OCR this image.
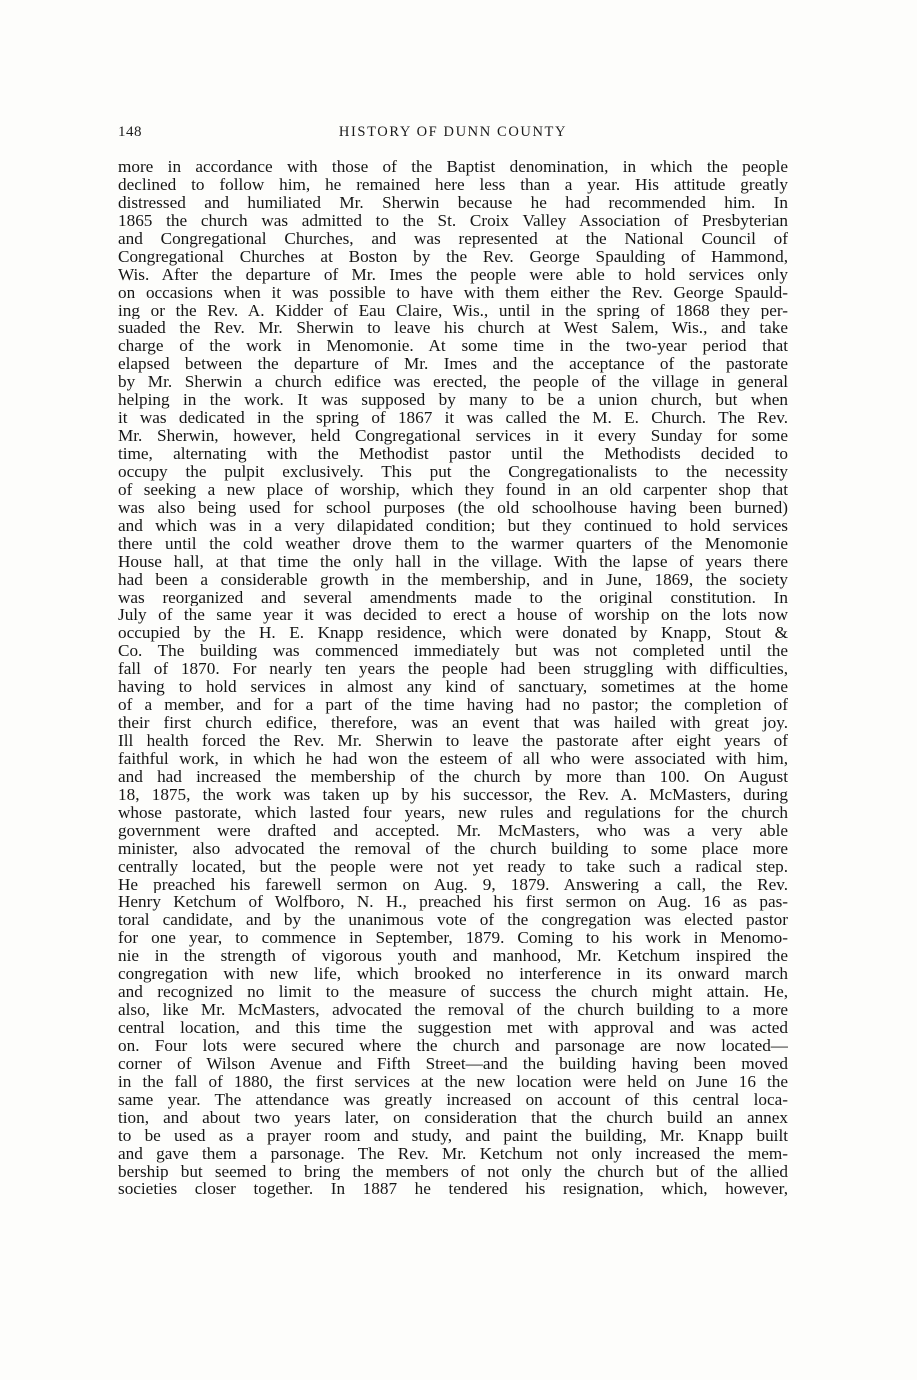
148	HISTORY OF DUNN COUNTY
more in accordance with those of the Baptist denomination, in which the people
declined to follow him, he remained here less than a year. His attitude greatly
distressed and humiliated Mr. Sherwin because he had recommended him. In
1865 the church was admitted to the St. Croix Valley Association of Presbyterian
and Congregational Churches, and was represented at the National Council of
Congregational Churches at Boston by the Rev. George Spaulding of Hammond,
Wis. After the departure of Mr. Imes the people were able to hold services only
on occasions when it was possible to have with them either the Rev. George Spauld-
ing or the Rev. A. Kidder of Eau Claire, Wis., until in the spring of 1868 they per-
suaded the Rev. Mr. Sherwin to leave his church at West Salem, Wis., and take
charge of the work in Menomonie. At some time in the two-year period that
elapsed between the departure of Mr. Imes and the acceptance of the pastorate
by Mr. Sherwin a church edifice was erected, the people of the village in general
helping in the work. It was supposed by many to be a union church, but when
it was dedicated in the spring of 1867 it was called the M. E. Church. The Rev.
Mr. Sherwin, however, held Congregational services in it every Sunday for some
time, alternating with the Methodist pastor until the Methodists decided to
occupy the pulpit exclusively. This put the Congregationalists to the necessity
of seeking a new place of worship, which they found in an old carpenter shop that
was also being used for school purposes (the old schoolhouse having been burned)
and which was in a very dilapidated condition; but they continued to hold services
there until the cold weather drove them to the warmer quarters of the Menomonie
House hall, at that time the only hall in the village. With the lapse of years there
had been a considerable growth in the membership, and in June, 1869, the society
was reorganized and several amendments made to the original constitution. In
July of the same year it was decided to erect a house of worship on the lots now
occupied by the H. E. Knapp residence, which were donated by Knapp, Stout &
Co. The building was commenced immediately but was not completed until the
fall of 1870. For nearly ten years the people had been struggling with difficulties,
having to hold services in almost any kind of sanctuary, sometimes at the home
of a member, and for a part of the time having had no pastor; the completion of
their first church edifice, therefore, was an event that was hailed with great joy.
Ill health forced the Rev. Mr. Sherwin to leave the pastorate after eight years of
faithful work, in which he had won the esteem of all who were associated with him,
and had increased the membership of the church by more than 100. On August
18, 1875, the work was taken up by his successor, the Rev. A. McMasters, during
whose pastorate, which lasted four years, new rules and regulations for the church
government were drafted and accepted. Mr. McMasters, who was a very able
minister, also advocated the removal of the church building to some place more
centrally located, but the people were not yet ready to take such a radical step.
He preached his farewell sermon on Aug. 9, 1879. Answering a call, the Rev.
Henry Ketchum of Wolfboro, N. H., preached his first sermon on Aug. 16 as pas-
toral candidate, and by the unanimous vote of the congregation was elected pastor
for one year, to commence in September, 1879. Coming to his work in Menomo-
nie in the strength of vigorous youth and manhood, Mr. Ketchum inspired the
congregation with new life, which brooked no interference in its onward march
and recognized no limit to the measure of success the church might attain. He,
also, like Mr. McMasters, advocated the removal of the church building to a more
central location, and this time the suggestion met with approval and was acted
on. Four lots were secured where the church and parsonage are now located—
corner of Wilson Avenue and Fifth Street—and the building having been moved
in the fall of 1880, the first services at the new location were held on June 16 the
same year. The attendance was greatly increased on account of this central loca-
tion, and about two years later, on consideration that the church build an annex
to be used as a prayer room and study, and paint the building, Mr. Knapp built
and gave them a parsonage. The Rev. Mr. Ketchum not only increased the mem-
bership but seemed to bring the members of not only the church but of the allied
societies closer together. In 1887 he tendered his resignation, which, however,
